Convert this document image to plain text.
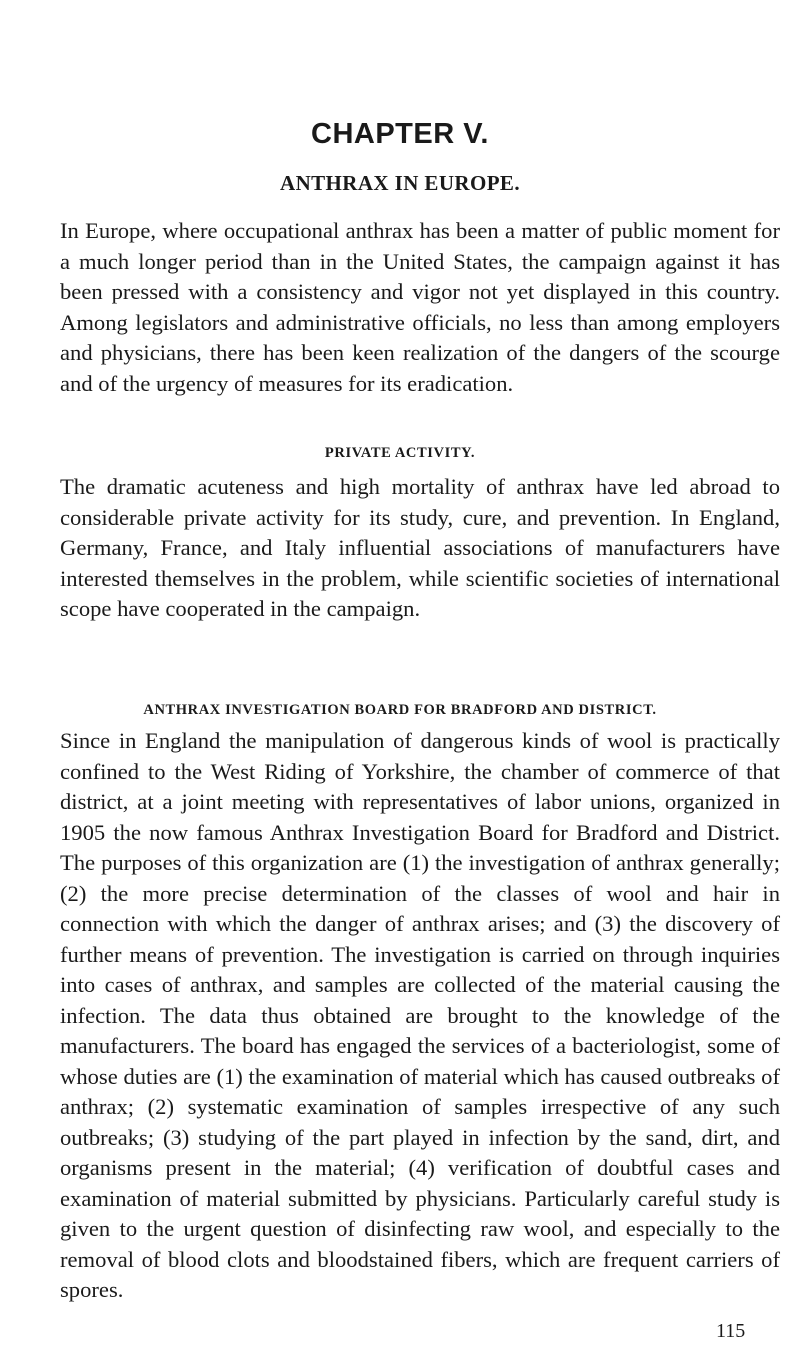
CHAPTER V.
ANTHRAX IN EUROPE.

In Europe, where occupational anthrax has been a matter of public moment for a much longer period than in the United States, the campaign against it has been pressed with a consistency and vigor not yet displayed in this country. Among legislators and administrative officials, no less than among employers and physicians, there has been keen realization of the dangers of the scourge and of the urgency of measures for its eradication.

PRIVATE ACTIVITY.

The dramatic acuteness and high mortality of anthrax have led abroad to considerable private activity for its study, cure, and prevention. In England, Germany, France, and Italy influential associations of manufacturers have interested themselves in the problem, while scientific societies of international scope have cooperated in the campaign.

ANTHRAX INVESTIGATION BOARD FOR BRADFORD AND DISTRICT.

Since in England the manipulation of dangerous kinds of wool is practically confined to the West Riding of Yorkshire, the chamber of commerce of that district, at a joint meeting with representatives of labor unions, organized in 1905 the now famous Anthrax Investigation Board for Bradford and District. The purposes of this organization are (1) the investigation of anthrax generally; (2) the more precise determination of the classes of wool and hair in connection with which the danger of anthrax arises; and (3) the discovery of further means of prevention. The investigation is carried on through inquiries into cases of anthrax, and samples are collected of the material causing the infection. The data thus obtained are brought to the knowledge of the manufacturers. The board has engaged the services of a bacteriologist, some of whose duties are (1) the examination of material which has caused outbreaks of anthrax; (2) systematic examination of samples irrespective of any such outbreaks; (3) studying of the part played in infection by the sand, dirt, and organisms present in the material; (4) verification of doubtful cases and examination of material submitted by physicians. Particularly careful study is given to the urgent question of disinfecting raw wool, and especially to the removal of blood clots and bloodstained fibers, which are frequent carriers of spores.

115
